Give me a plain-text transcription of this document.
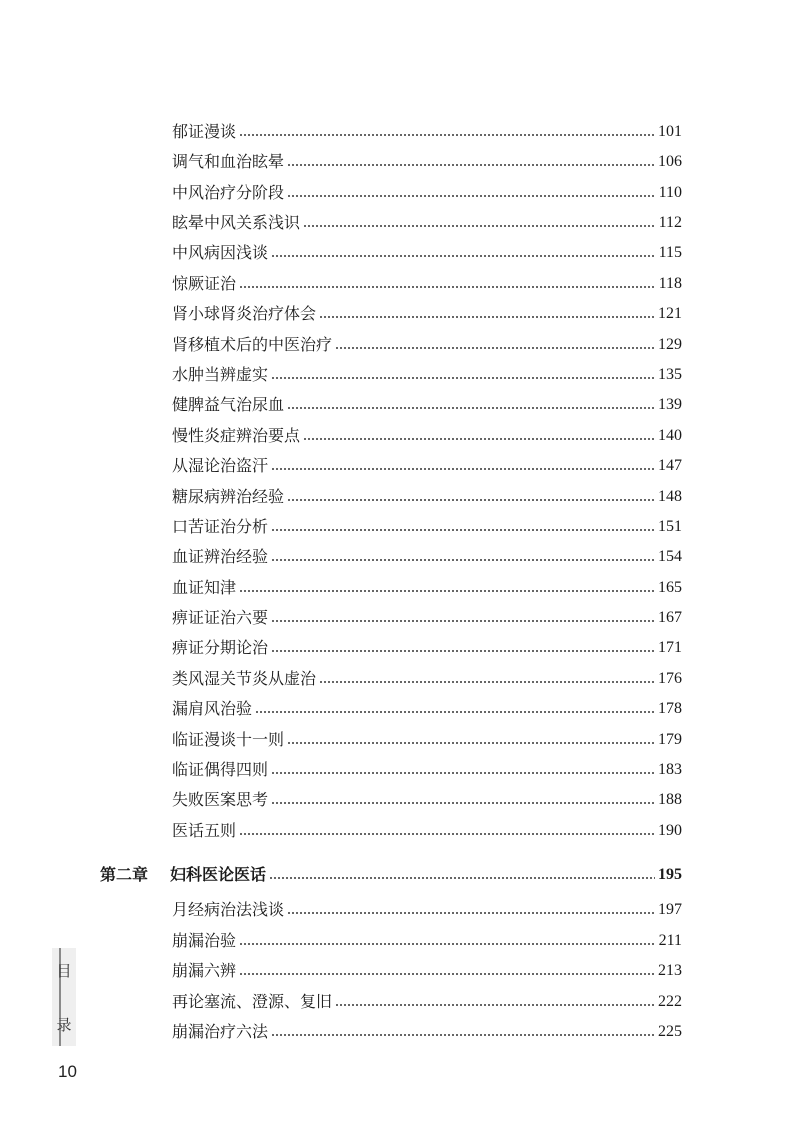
郁证漫谈	101
调气和血治眩晕	106
中风治疗分阶段	110
眩晕中风关系浅识	112
中风病因浅谈	115
惊厥证治	118
肾小球肾炎治疗体会	121
肾移植术后的中医治疗	129
水肿当辨虚实	135
健脾益气治尿血	139
慢性炎症辨治要点	140
从湿论治盗汗	147
糖尿病辨治经验	148
口苦证治分析	151
血证辨治经验	154
血证知津	165
痹证证治六要	167
痹证分期论治	171
类风湿关节炎从虚治	176
漏肩风治验	178
临证漫谈十一则	179
临证偶得四则	183
失败医案思考	188
医话五则	190
第二章	妇科医论医话	195
月经病治法浅谈	197
崩漏治验	211
崩漏六辨	213
再论塞流、澄源、复旧	222
崩漏治疗六法	225
目
录
10
